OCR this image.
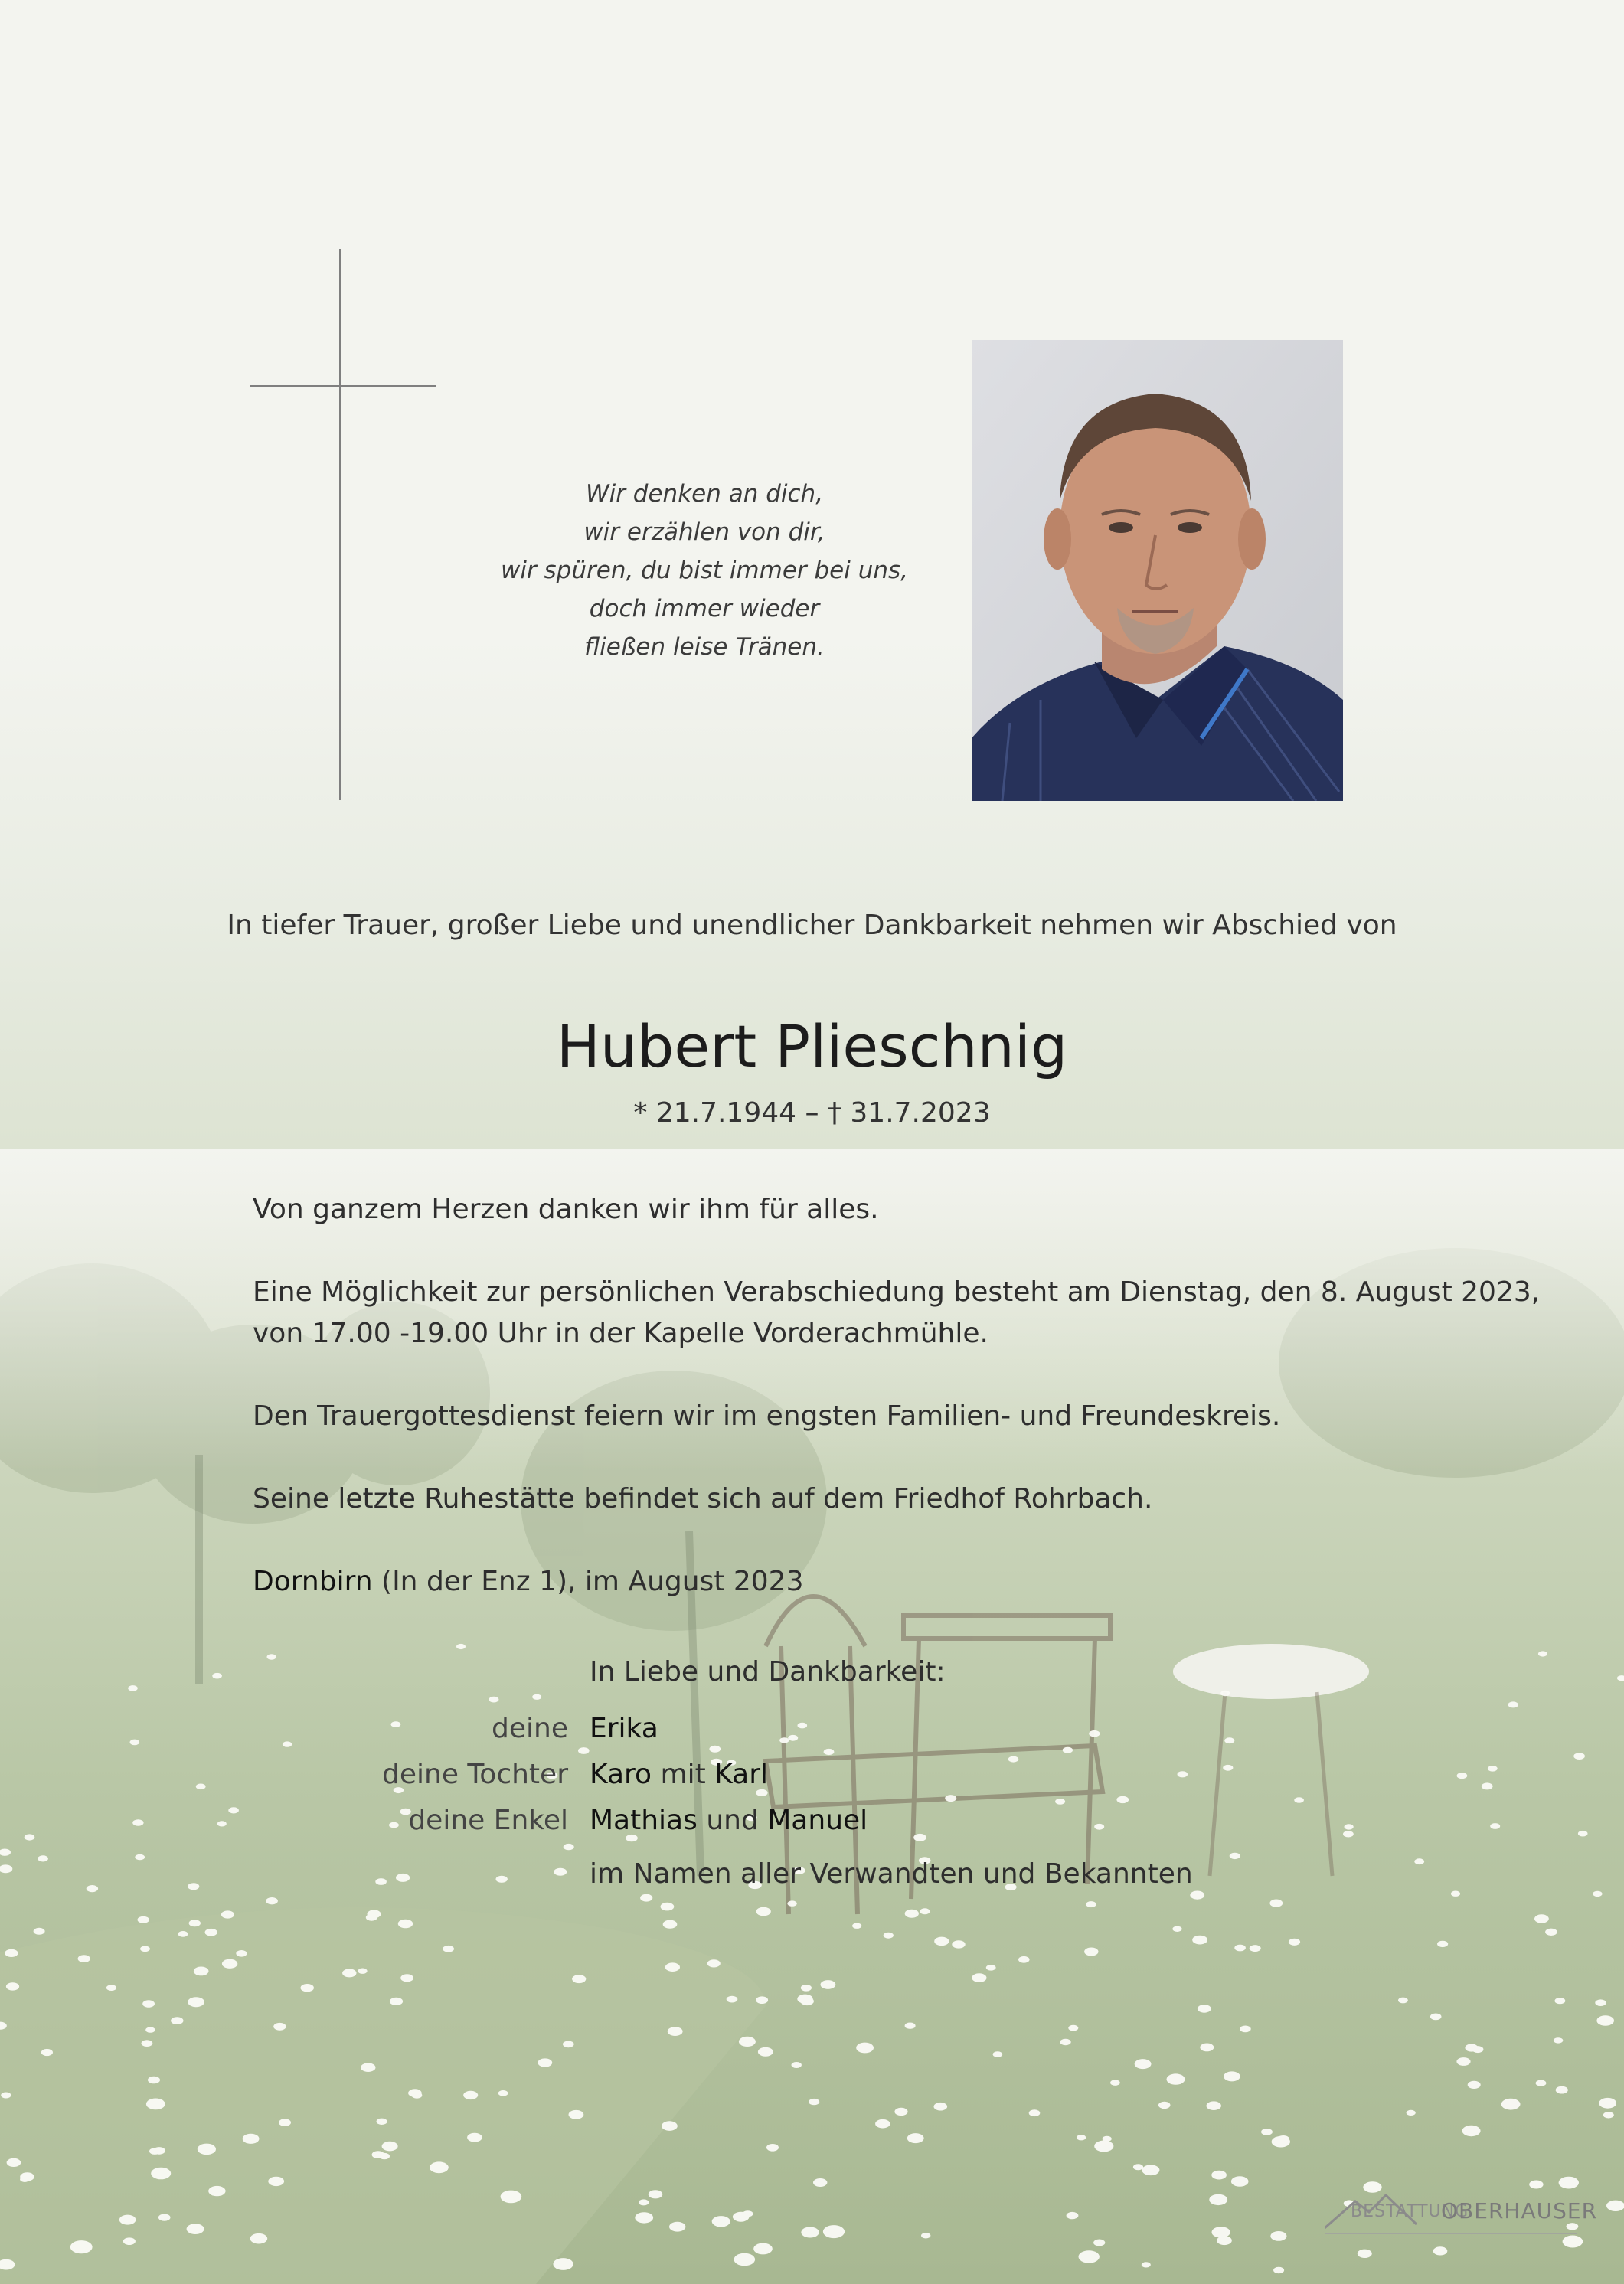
Wir denken an dich,
wir erzählen von dir,
wir spüren, du bist immer bei uns,
doch immer wieder
fließen leise Tränen.
In tiefer Trauer, großer Liebe und unendlicher Dankbarkeit nehmen wir Abschied von
Hubert Plieschnig
* 21.7.1944 – † 31.7.2023
Von ganzem Herzen danken wir ihm für alles.
Eine Möglichkeit zur persönlichen Verabschiedung besteht am Dienstag, den 8. August 2023,
von 17.00 -19.00 Uhr in der Kapelle Vorderachmühle.
Den Trauergottesdienst feiern wir im engsten Familien- und Freundeskreis.
Seine letzte Ruhestätte befindet sich auf dem Friedhof Rohrbach.
Dornbirn (In der Enz 1), im August 2023
In Liebe und Dankbarkeit:
deine Erika
deine Tochter Karo mit Karl
deine Enkel Mathias und Manuel
im Namen aller Verwandten und Bekannten
BESTATTUNG
OBERHAUSER
